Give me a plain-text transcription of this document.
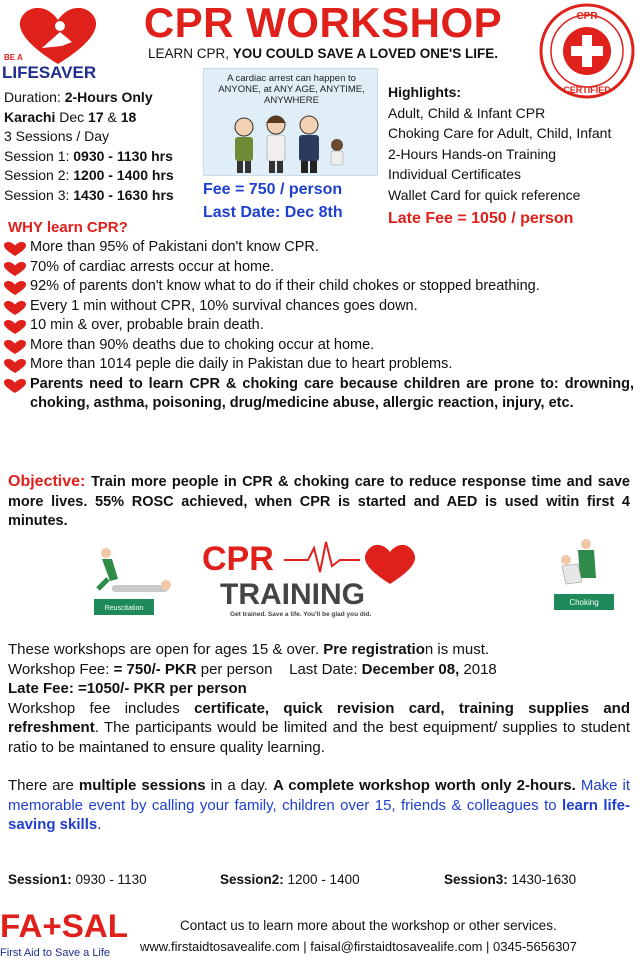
BE A
LIFESAVER
CPR WORKSHOP
LEARN CPR, YOU COULD SAVE A LOVED ONE'S LIFE.
CPR
CERTIFIED
Duration: 2-Hours Only
Karachi Dec 17 & 18
3 Sessions / Day
Session 1: 0930 - 1130 hrs
Session 2: 1200 - 1400 hrs
Session 3: 1430 - 1630 hrs
A cardiac arrest can happen to ANYONE, at ANY AGE, ANYTIME, ANYWHERE
Fee = 750 / person
Last Date: Dec 8th
Highlights:
Adult, Child & Infant CPR
Choking Care for Adult, Child, Infant
2-Hours Hands-on Training
Individual Certificates
Wallet Card for quick reference
Late Fee = 1050 / person
WHY learn CPR?
More than 95% of Pakistani don't know CPR.
70% of cardiac arrests occur at home.
92% of parents don't know what to do if their child chokes or stopped breathing.
Every 1 min without CPR, 10% survival chances goes down.
10 min & over, probable brain death.
More than 90% deaths due to choking occur at home.
More than 1014 peple die daily in Pakistan due to heart problems.
Parents need to learn CPR & choking care because children are prone to: drowning, choking, asthma, poisoning, drug/medicine abuse, allergic reaction, injury, etc.
Objective: Train more people in CPR & choking care to reduce response time and save more lives. 55% ROSC achieved, when CPR is started and AED is used witin first 4 minutes.
Reuscitation
CPR
TRAINING
Get trained. Save a life. You'll be glad you did.
Choking

These workshops are open for ages 15 & over. Pre registration is must.

Workshop Fee: = 750/- PKR per person    Last Date: December 08, 2018

Late Fee: =1050/- PKR per person

Workshop fee includes certificate, quick revision card, training supplies and refreshment. The participants would be limited and the best equipment/ supplies to student ratio to be maintaned to ensure quality learning.

There are multiple sessions in a day. A complete workshop worth only 2-hours. Make it memorable event by calling your family, children over 15, friends & colleagues to learn life-saving skills.

Session1: 0930 - 1130	Session2: 1200 - 1400	Session3: 1430-1630
FA+SAL
First Aid to Save a Life
Contact us to learn more about the workshop or other services.
www.firstaidtosavealife.com | faisal@firstaidtosavealife.com | 0345-5656307
